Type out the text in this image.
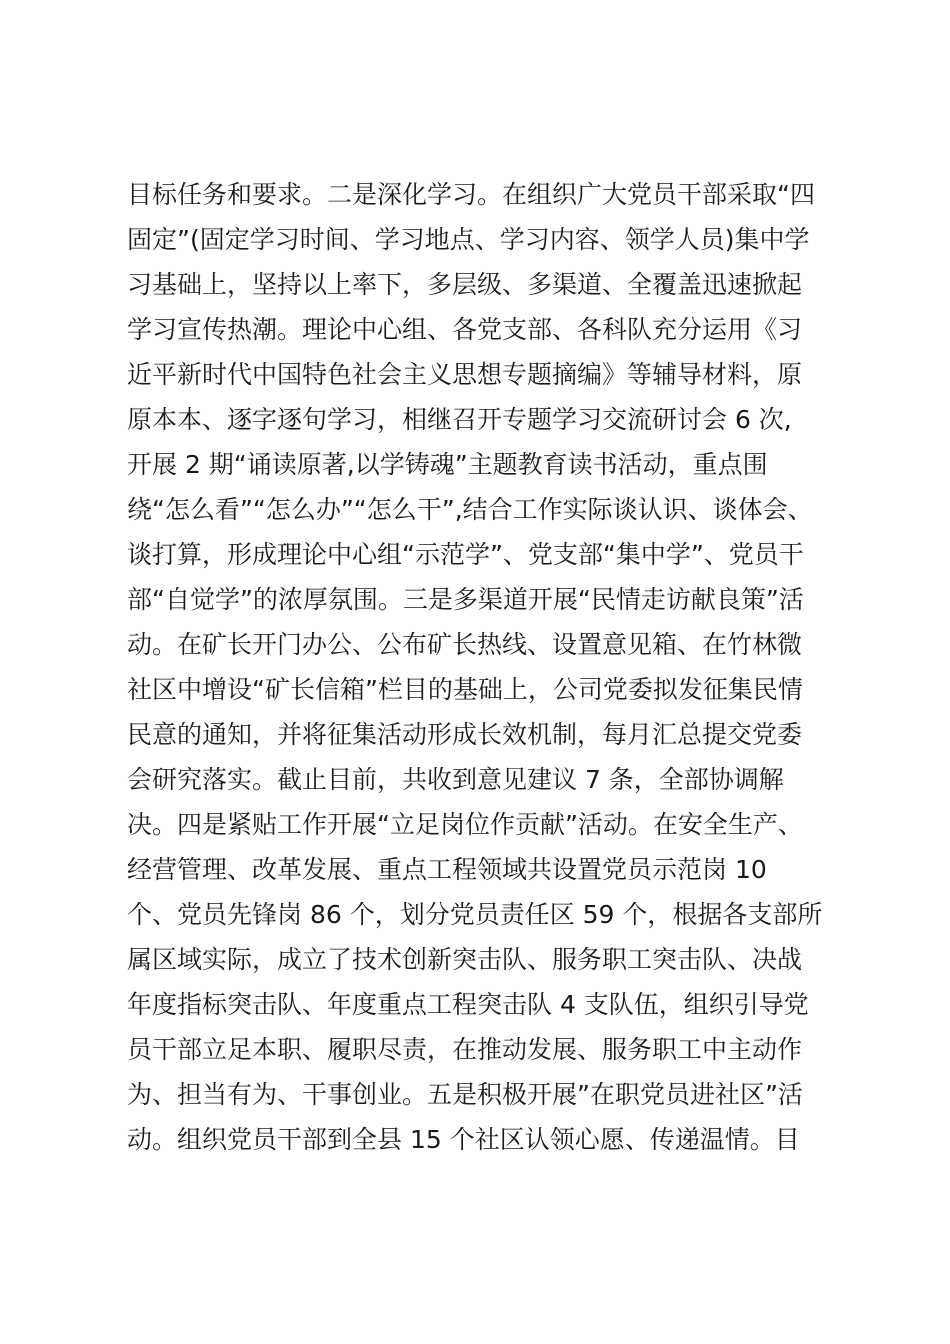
目标任务和要求。二是深化学习。在组织广大党员干部采取“四
固定”(固定学习时间、学习地点、学习内容、领学人员)集中学
习基础上，坚持以上率下，多层级、多渠道、全覆盖迅速掀起
学习宣传热潮。理论中心组、各党支部、各科队充分运用《习
近平新时代中国特色社会主义思想专题摘编》等辅导材料，原
原本本、逐字逐句学习，相继召开专题学习交流研讨会 6 次,
开展 2 期“诵读原著,以学铸魂”主题教育读书活动，重点围
绕“怎么看”“怎么办”“怎么干”,结合工作实际谈认识、谈体会、
谈打算，形成理论中心组“示范学”、党支部“集中学”、党员干
部“自觉学”的浓厚氛围。三是多渠道开展“民情走访献良策”活
动。在矿长开门办公、公布矿长热线、设置意见箱、在竹林微
社区中增设“矿长信箱”栏目的基础上，公司党委拟发征集民情
民意的通知，并将征集活动形成长效机制，每月汇总提交党委
会研究落实。截止目前，共收到意见建议 7 条，全部协调解
决。四是紧贴工作开展“立足岗位作贡献”活动。在安全生产、
经营管理、改革发展、重点工程领域共设置党员示范岗 10
个、党员先锋岗 86 个，划分党员责任区 59 个，根据各支部所
属区域实际，成立了技术创新突击队、服务职工突击队、决战
年度指标突击队、年度重点工程突击队 4 支队伍，组织引导党
员干部立足本职、履职尽责，在推动发展、服务职工中主动作
为、担当有为、干事创业。五是积极开展”在职党员进社区”活
动。组织党员干部到全县 15 个社区认领心愿、传递温情。目
